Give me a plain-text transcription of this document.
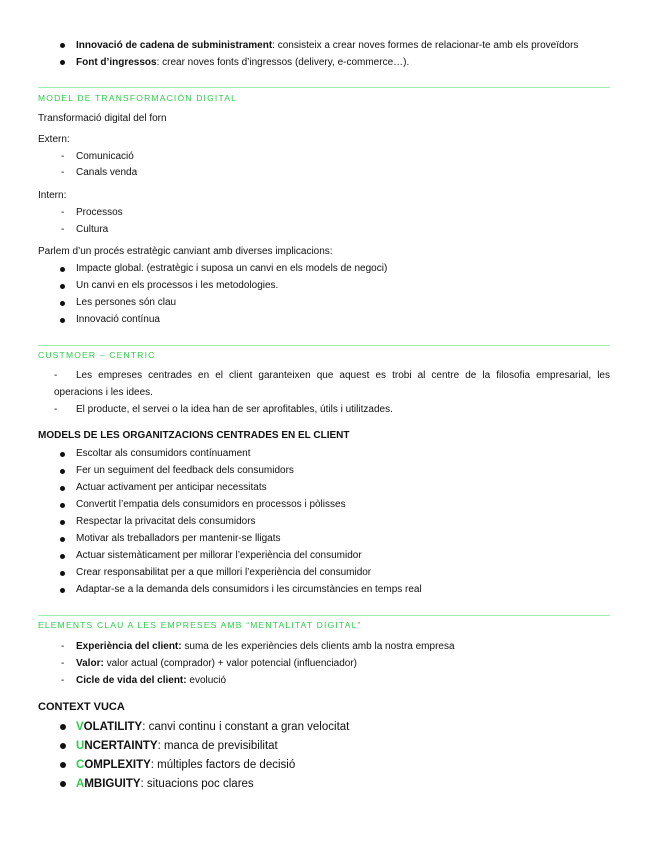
Innovació de cadena de subministrament: consisteix a crear noves formes de relacionar-te amb els proveïdors
Font d’ingressos: crear noves fonts d’ingressos (delivery, e-commerce…).
MODEL DE TRANSFORMACIÓN DIGITAL
Transformació digital del forn
Extern:
- Comunicació
- Canals venda
Intern:
- Processos
- Cultura
Parlem d’un procés estratègic canviant amb diverses implicacions:
Impacte global. (estratègic i suposa un canvi en els models de negoci)
Un canvi en els processos i les metodologies.
Les persones són clau
Innovació contínua
CUSTMOER – CENTRIC
- Les empreses centrades en el client garanteixen que aquest es trobi al centre de la filosofia empresarial, les
operacions i les idees.
- El producte, el servei o la idea han de ser aprofitables, útils i utilitzades.
MODELS DE LES ORGANITZACIONS CENTRADES EN EL CLIENT
Escoltar als consumidors contínuament
Fer un seguiment del feedback dels consumidors
Actuar activament per anticipar necessitats
Convertit l’empatia dels consumidors en processos i pòlisses
Respectar la privacitat dels consumidors
Motivar als treballadors per mantenir-se lligats
Actuar sistemàticament per millorar l’experiència del consumidor
Crear responsabilitat per a que millori l’experiència del consumidor
Adaptar-se a la demanda dels consumidors i les circumstàncies en temps real
ELEMENTS CLAU A LES EMPRESES AMB “MENTALITAT DIGITAL”
- Experiència del client: suma de les experiències dels clients amb la nostra empresa
- Valor: valor actual (comprador) + valor potencial (influenciador)
- Cicle de vida del client: evolució
CONTEXT VUCA
VOLATILITY: canvi continu i constant a gran velocitat
UNCERTAINTY: manca de previsibilitat
COMPLEXITY: múltiples factors de decisió
AMBIGUITY: situacions poc clares
